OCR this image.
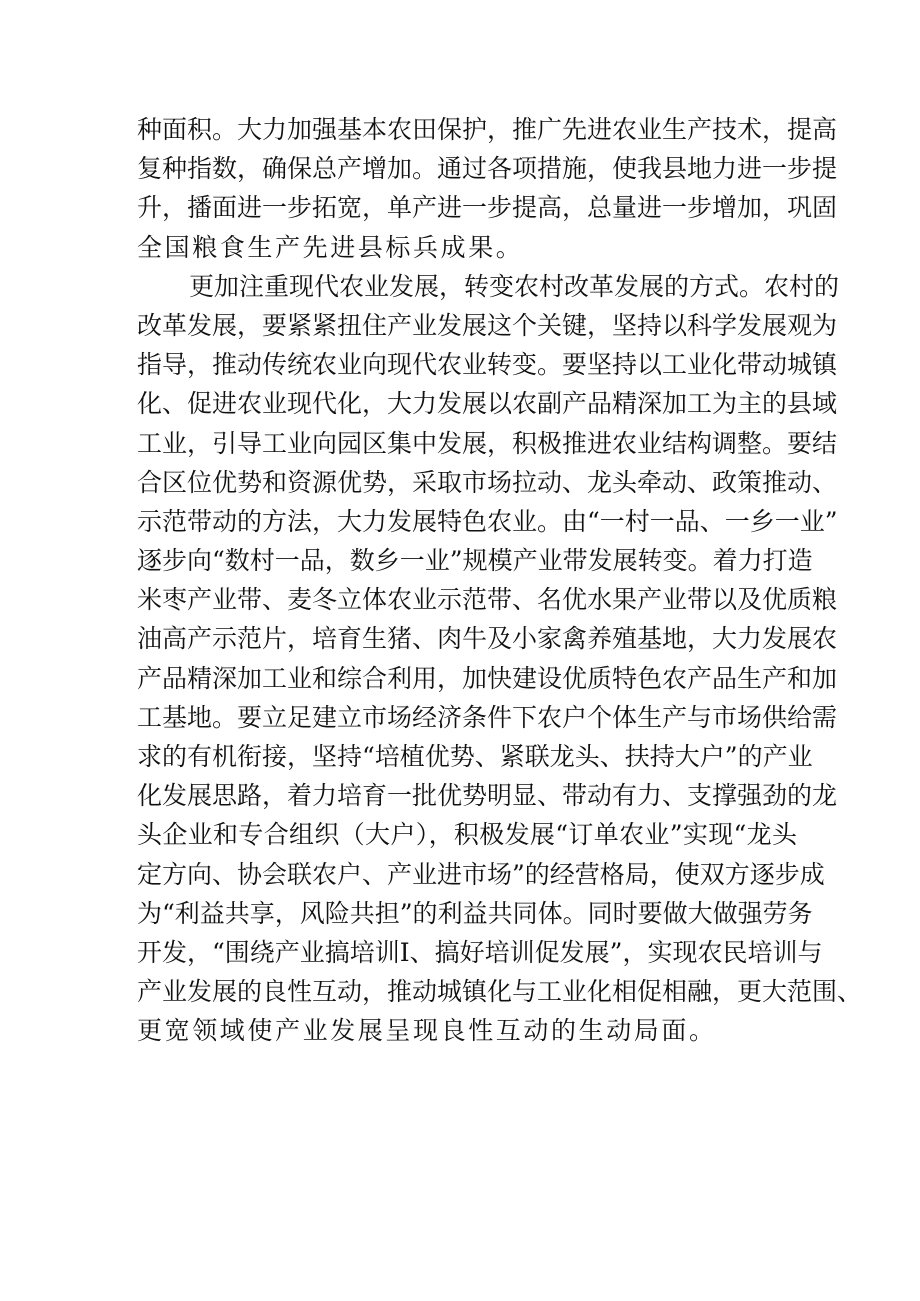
种面积。大力加强基本农田保护，推广先进农业生产技术，提高
复种指数，确保总产增加。通过各项措施，使我县地力进一步提
升，播面进一步拓宽，单产进一步提高，总量进一步增加，巩固
全国粮食生产先进县标兵成果。
更加注重现代农业发展，转变农村改革发展的方式。农村的
改革发展，要紧紧扭住产业发展这个关键，坚持以科学发展观为
指导，推动传统农业向现代农业转变。要坚持以工业化带动城镇
化、促进农业现代化，大力发展以农副产品精深加工为主的县域
工业，引导工业向园区集中发展，积极推进农业结构调整。要结
合区位优势和资源优势，采取市场拉动、龙头牵动、政策推动、
示范带动的方法，大力发展特色农业。由“一村一品、一乡一业”
逐步向“数村一品，数乡一业”规模产业带发展转变。着力打造
米枣产业带、麦冬立体农业示范带、名优水果产业带以及优质粮
油高产示范片，培育生猪、肉牛及小家禽养殖基地，大力发展农
产品精深加工业和综合利用，加快建设优质特色农产品生产和加
工基地。要立足建立市场经济条件下农户个体生产与市场供给需
求的有机衔接，坚持“培植优势、紧联龙头、扶持大户”的产业
化发展思路，着力培育一批优势明显、带动有力、支撑强劲的龙
头企业和专合组织（大户），积极发展“订单农业”实现“龙头
定方向、协会联农户、产业进市场”的经营格局，使双方逐步成
为“利益共享，风险共担”的利益共同体。同时要做大做强劳务
开发，“围绕产业搞培训Ⅰ、搞好培训促发展”，实现农民培训与
产业发展的良性互动，推动城镇化与工业化相促相融，更大范围、
更宽领域使产业发展呈现良性互动的生动局面。
